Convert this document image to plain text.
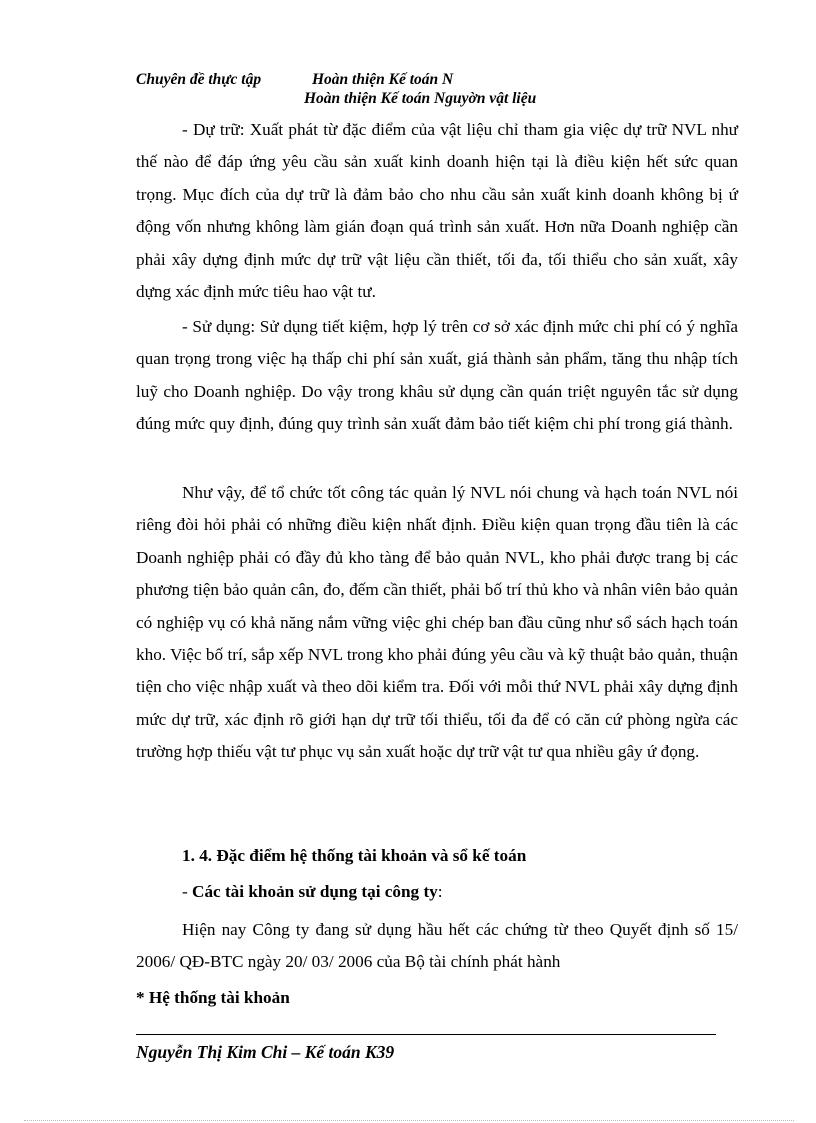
Chuyên đề thực tập	Hoàn thiện Kế toán N
Hoàn thiện Kế toán Nguyờn vật liệu

- Dự trữ: Xuất phát từ đặc điểm của vật liệu chỉ tham gia việc dự trữ NVL như thế nào để đáp ứng yêu cầu sản xuất kinh doanh hiện tại là điều kiện hết sức quan trọng. Mục đích của dự trữ là đảm bảo cho nhu cầu sản xuất kinh doanh không bị ứ động vốn nhưng không làm gián đoạn quá trình sản xuất. Hơn nữa Doanh nghiệp cần phải xây dựng định mức dự trữ vật liệu cần thiết, tối đa, tối thiểu cho sản xuất, xây dựng xác định mức tiêu hao vật tư.

- Sử dụng: Sử dụng tiết kiệm, hợp lý trên cơ sở xác định mức chi phí có ý nghĩa quan trọng trong việc hạ thấp chi phí sản xuất, giá thành sản phẩm, tăng thu nhập tích luỹ cho Doanh nghiệp. Do vậy trong khâu sử dụng cần quán triệt nguyên tắc sử dụng đúng mức quy định, đúng quy trình sản xuất đảm bảo tiết kiệm chi phí trong giá thành.

Như vậy, để tổ chức tốt công tác quản lý NVL nói chung và hạch toán NVL nói riêng đòi hỏi phải có những điều kiện nhất định. Điều kiện quan trọng đầu tiên là các Doanh nghiệp phải có đầy đủ kho tàng để bảo quản NVL, kho phải được trang bị các phương tiện bảo quản cân, đo, đếm cần thiết, phải bố trí thủ kho và nhân viên bảo quản có nghiệp vụ có khả năng nắm vững việc ghi chép ban đầu cũng như sổ sách hạch toán kho. Việc bố trí, sắp xếp NVL trong kho phải đúng yêu cầu và kỹ thuật bảo quản, thuận tiện cho việc nhập xuất và theo dõi kiểm tra. Đối với mỗi thứ NVL phải xây dựng định mức dự trữ, xác định rõ giới hạn dự trữ tối thiểu, tối đa để có căn cứ phòng ngừa các trường hợp thiếu vật tư phục vụ sản xuất hoặc dự trữ vật tư qua nhiều gây ứ đọng.

1. 4. Đặc điểm hệ thống tài khoản và sổ kế toán
- Các tài khoản sử dụng tại công ty:

Hiện nay Công ty đang sử dụng hầu hết các chứng từ theo Quyết định số 15/ 2006/ QĐ-BTC ngày 20/ 03/ 2006 của Bộ tài chính phát hành

* Hệ thống tài khoản
Nguyễn Thị Kim Chi – Kế toán K39
